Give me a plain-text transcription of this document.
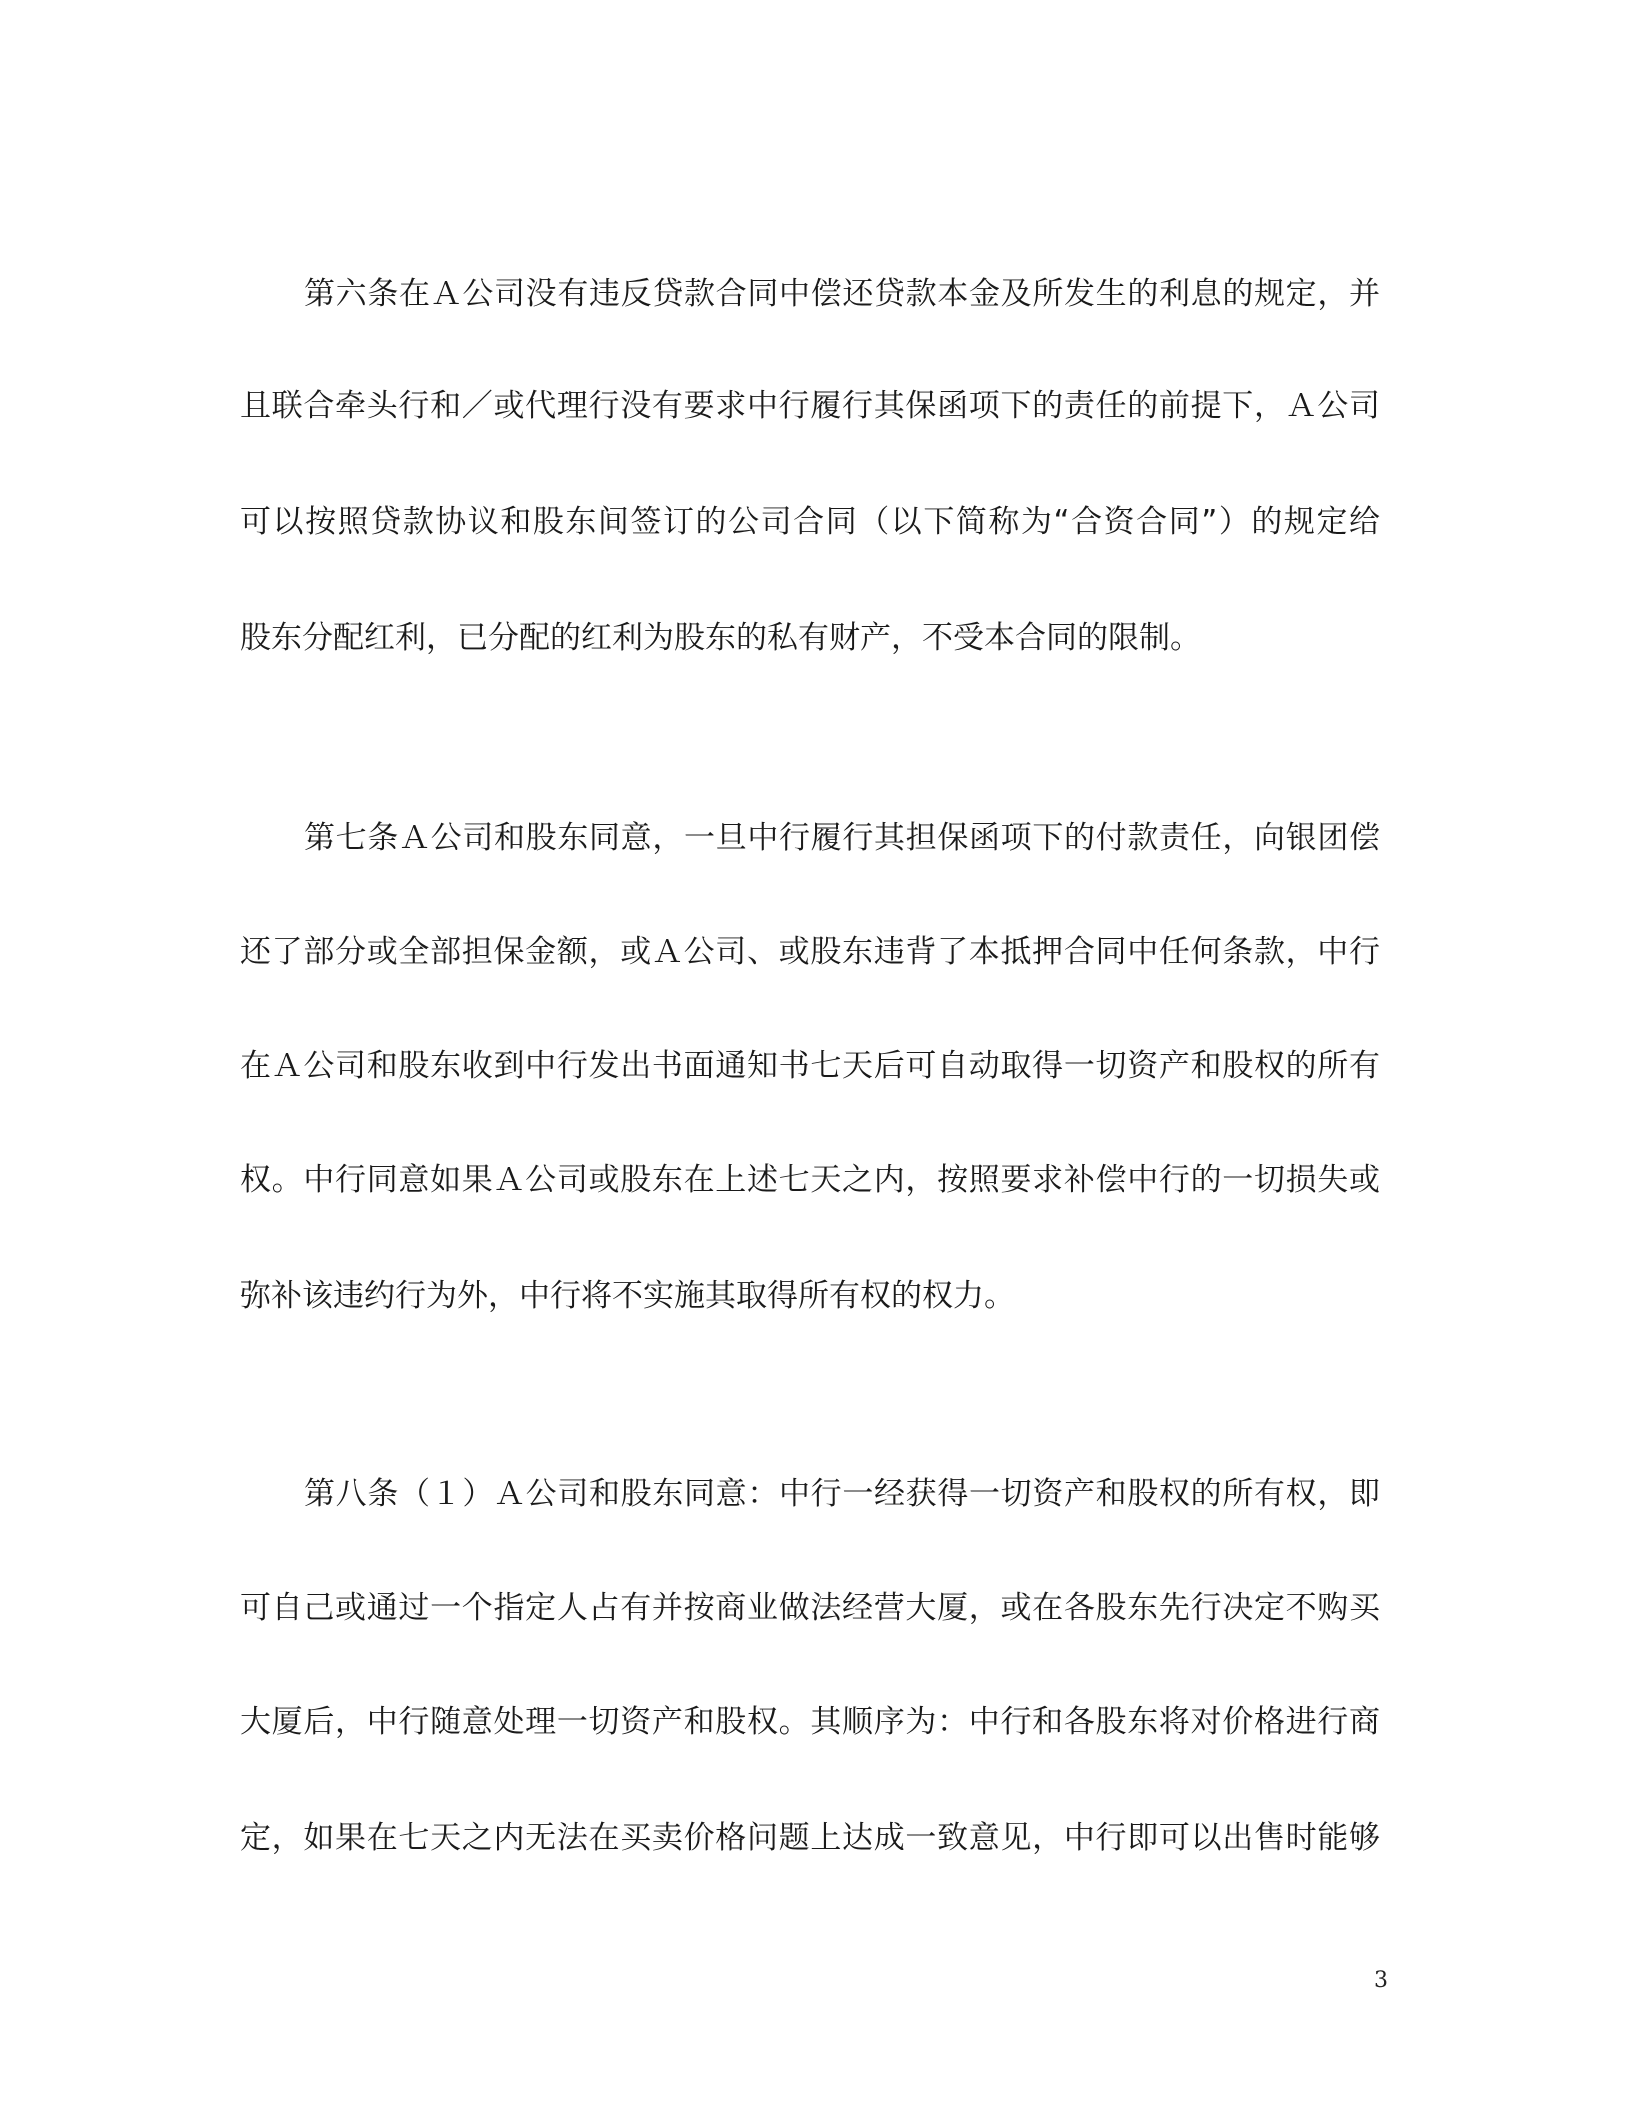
第六条在Ａ公司没有违反贷款合同中偿还贷款本金及所发生的利息的规定，并
且联合牵头行和／或代理行没有要求中行履行其保函项下的责任的前提下，Ａ公司
可以按照贷款协议和股东间签订的公司合同（以下简称为“合资合同”）的规定给
股东分配红利，已分配的红利为股东的私有财产，不受本合同的限制。
第七条Ａ公司和股东同意，一旦中行履行其担保函项下的付款责任，向银团偿
还了部分或全部担保金额，或Ａ公司、或股东违背了本抵押合同中任何条款，中行
在Ａ公司和股东收到中行发出书面通知书七天后可自动取得一切资产和股权的所有
权。中行同意如果Ａ公司或股东在上述七天之内，按照要求补偿中行的一切损失或
弥补该违约行为外，中行将不实施其取得所有权的权力。
第八条（１）Ａ公司和股东同意：中行一经获得一切资产和股权的所有权，即
可自己或通过一个指定人占有并按商业做法经营大厦，或在各股东先行决定不购买
大厦后，中行随意处理一切资产和股权。其顺序为：中行和各股东将对价格进行商
定，如果在七天之内无法在买卖价格问题上达成一致意见，中行即可以出售时能够
3
